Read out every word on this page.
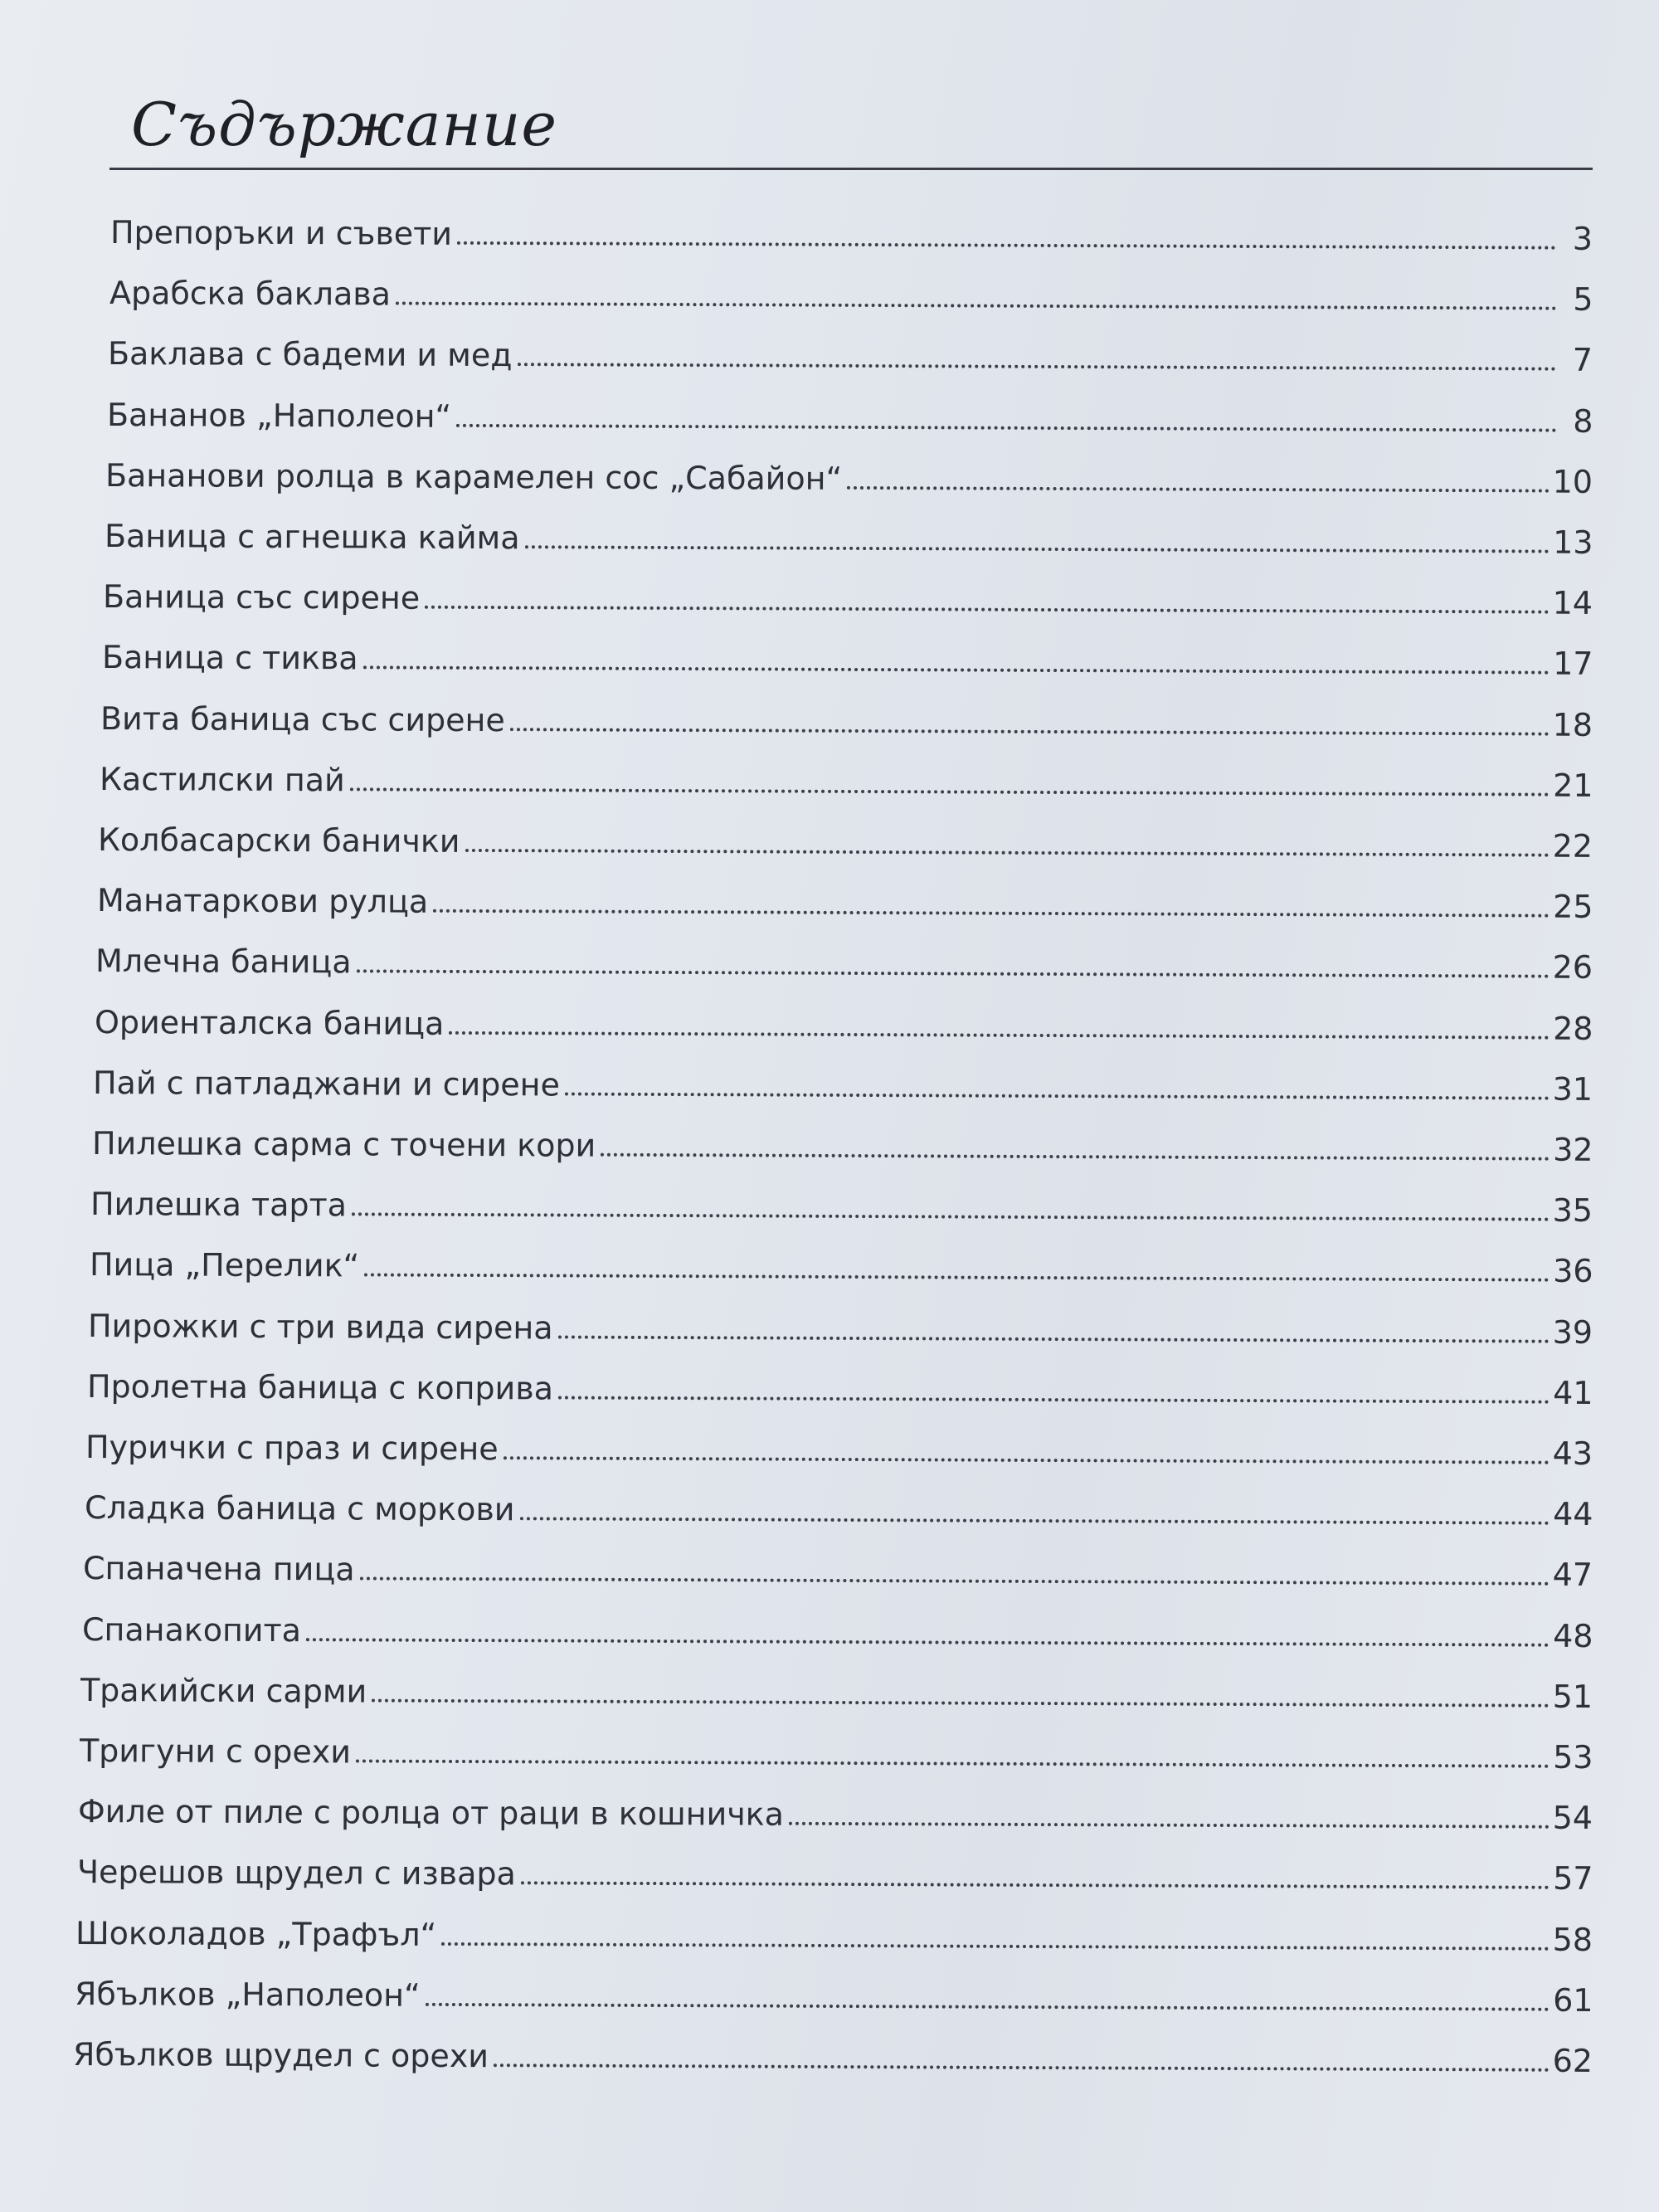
Съдържание
Препоръки и съвети	3
Арабска баклава	5
Баклава с бадеми и мед	7
Бананов „Наполеон“	8
Бананови ролца в карамелен сос „Сабайон“	10
Баница с агнешка кайма	13
Баница със сирене	14
Баница с тиква	17
Вита баница със сирене	18
Кастилски пай	21
Колбасарски банички	22
Манатаркови рулца	25
Млечна баница	26
Ориенталска баница	28
Пай с патладжани и сирене	31
Пилешка сарма с точени кори	32
Пилешка тарта	35
Пица „Перелик“	36
Пирожки с три вида сирена	39
Пролетна баница с коприва	41
Пурички с праз и сирене	43
Сладка баница с моркови	44
Спаначена пица	47
Спанакопита	48
Тракийски сарми	51
Тригуни с орехи	53
Филе от пиле с ролца от раци в кошничка	54
Черешов щрудел с извара	57
Шоколадов „Трафъл“	58
Ябълков „Наполеон“	61
Ябълков щрудел с орехи	62
